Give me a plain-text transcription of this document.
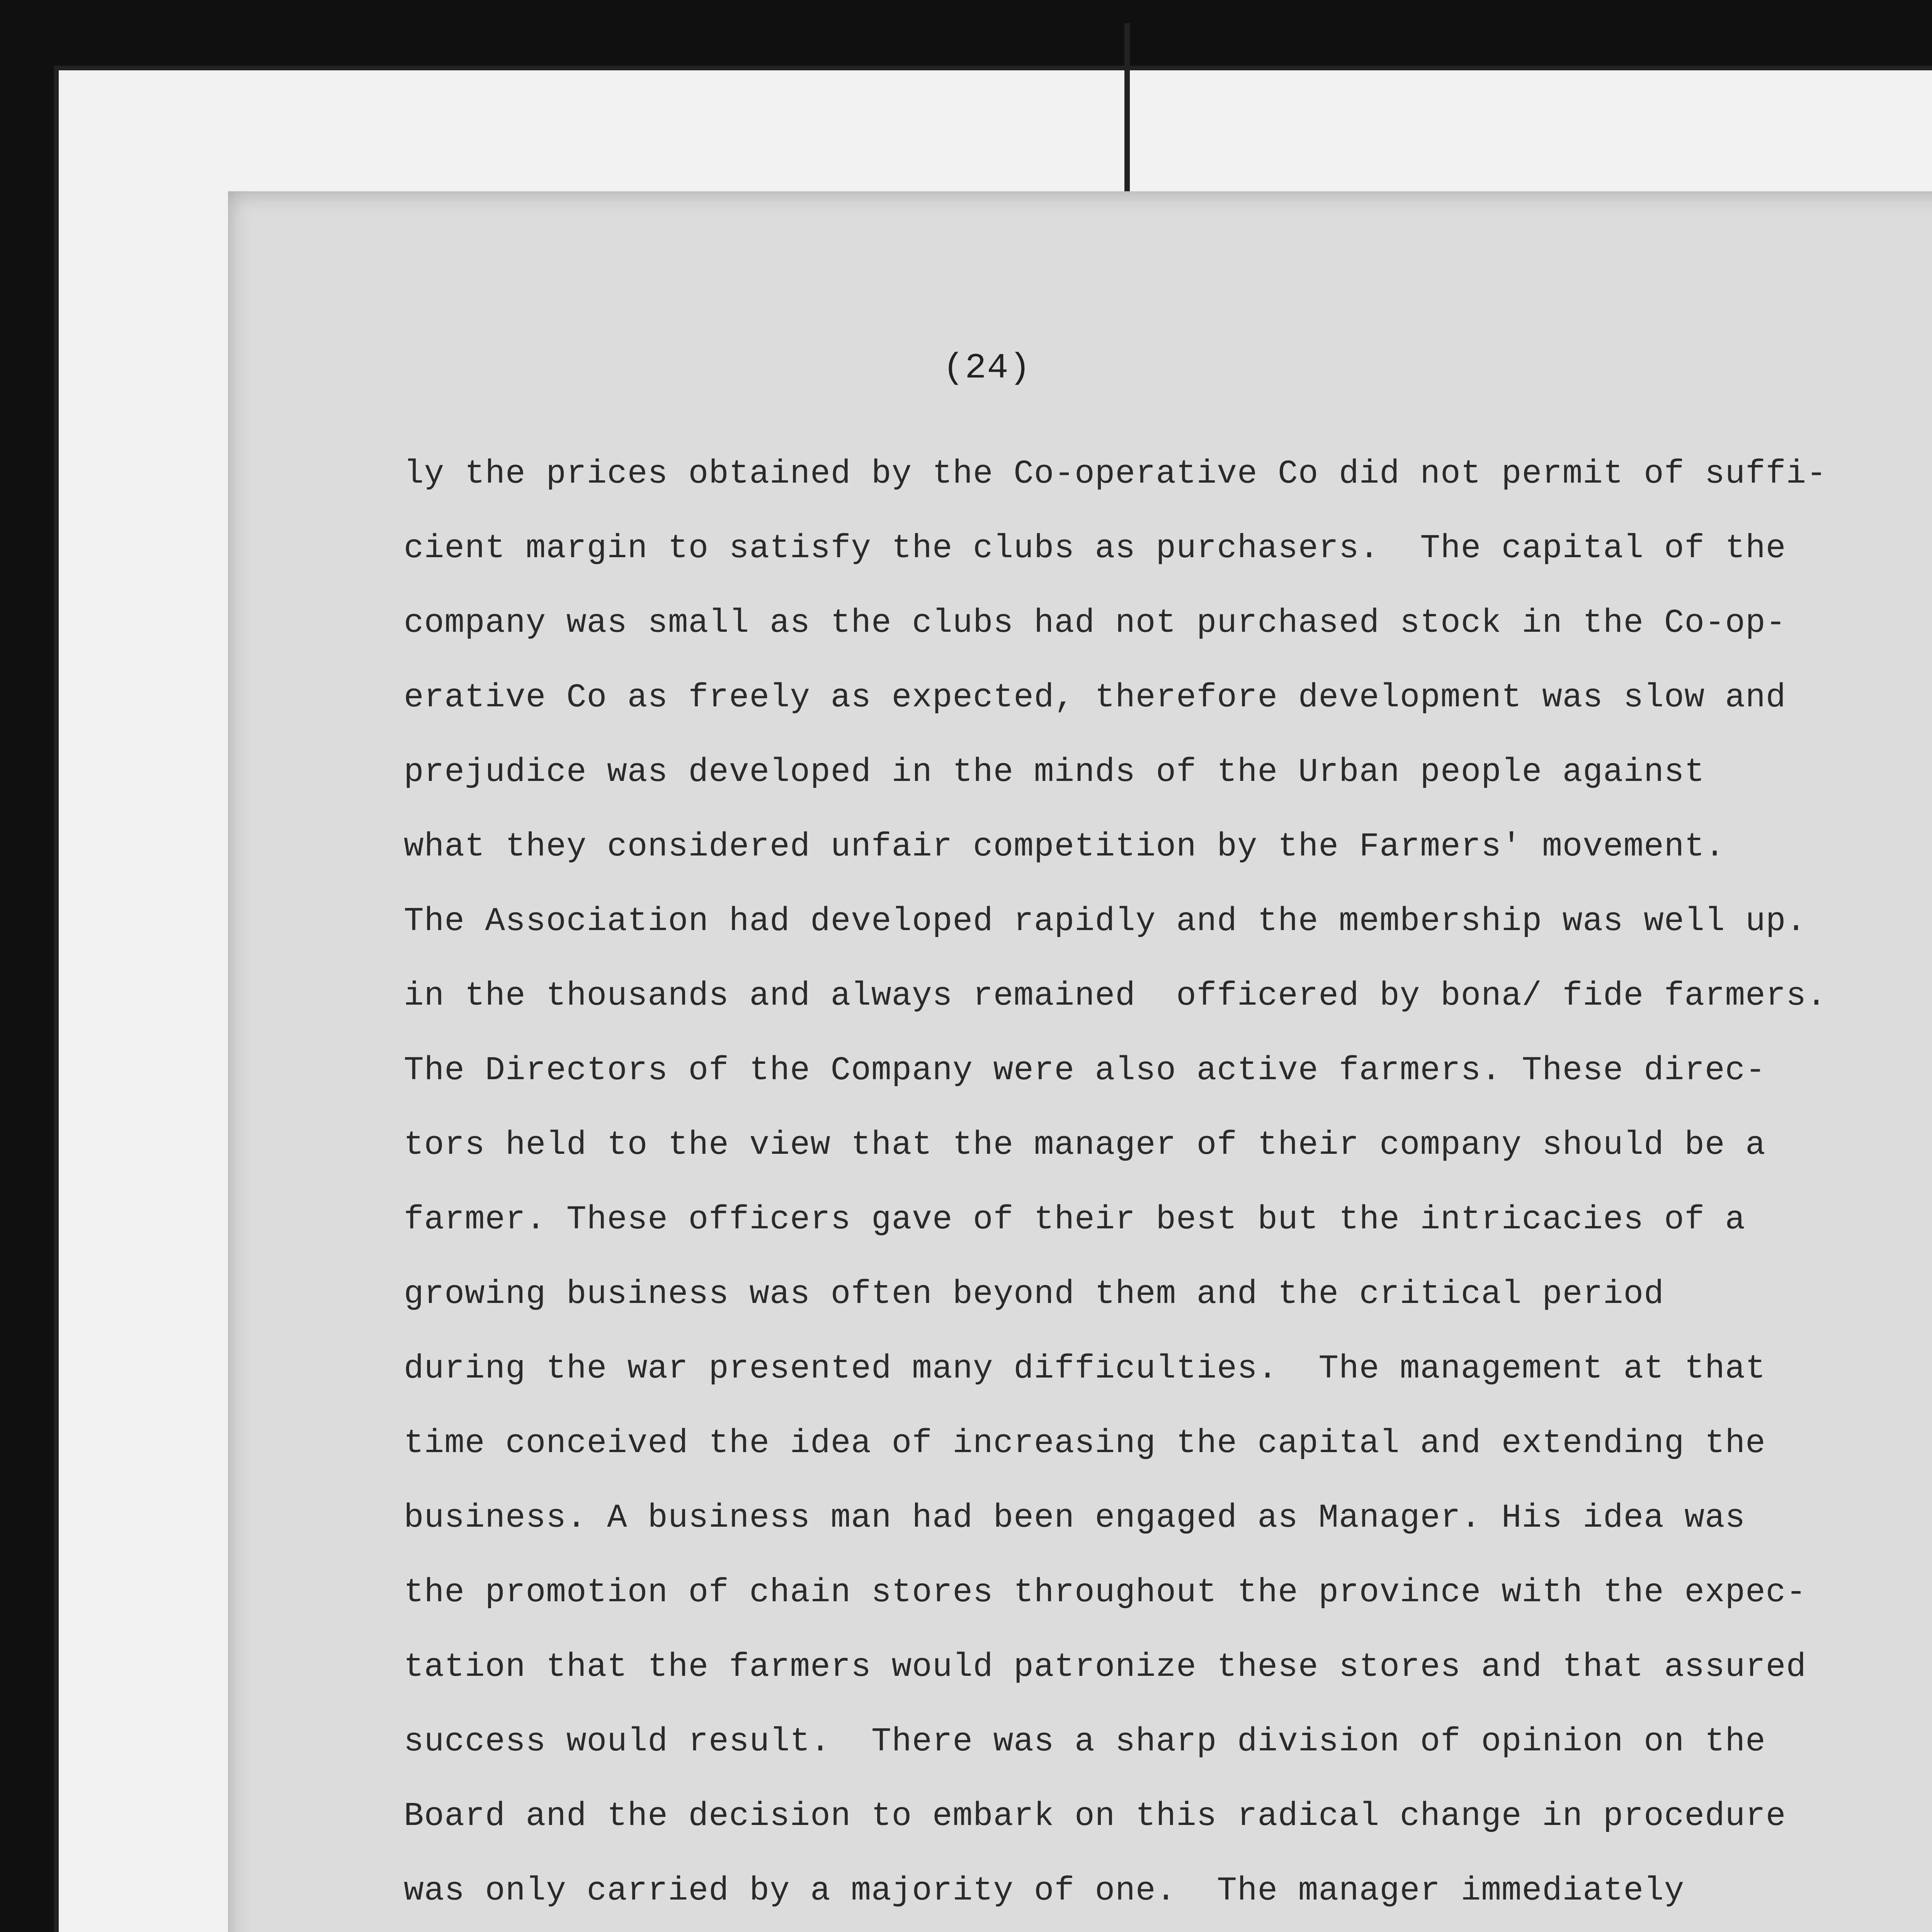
(24)
ly the prices obtained by the Co-operative Co did not permit of suffi-
cient margin to satisfy the clubs as purchasers.  The capital of the
company was small as the clubs had not purchased stock in the Co-op-
erative Co as freely as expected, therefore development was slow and
prejudice was developed in the minds of the Urban people against
what they considered unfair competition by the Farmers' movement.
The Association had developed rapidly and the membership was well up.
in the thousands and always remained  officered by bona/ fide farmers.
The Directors of the Company were also active farmers. These direc-
tors held to the view that the manager of their company should be a
farmer. These officers gave of their best but the intricacies of a
growing business was often beyond them and the critical period
during the war presented many difficulties.  The management at that
time conceived the idea of increasing the capital and extending the
business. A business man had been engaged as Manager. His idea was
the promotion of chain stores throughout the province with the expec-
tation that the farmers would patronize these stores and that assured
success would result.  There was a sharp division of opinion on the
Board and the decision to embark on this radical change in procedure
was only carried by a majority of one.  The manager immediately
